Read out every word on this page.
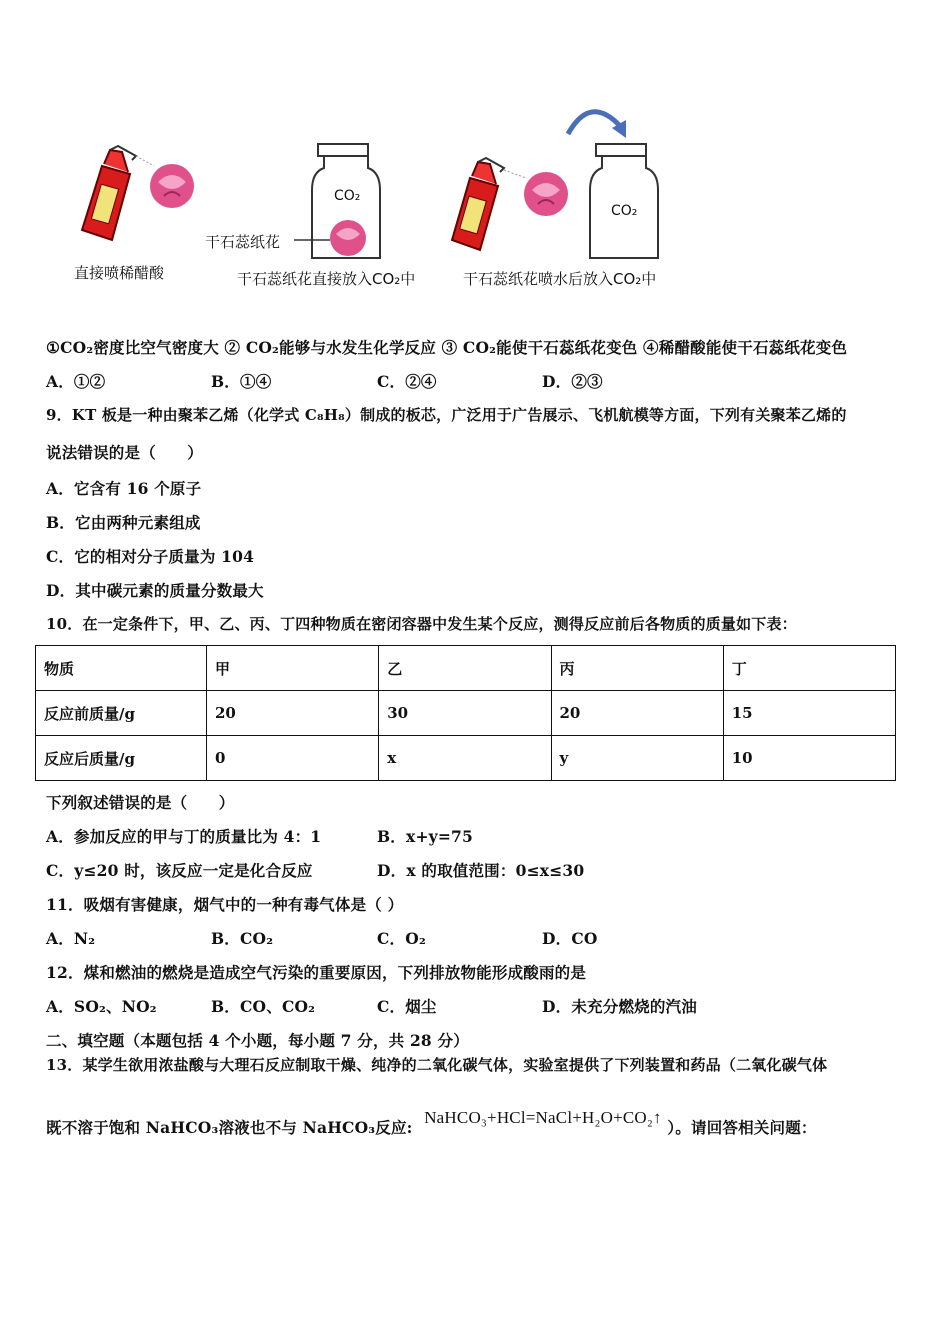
CO₂
CO₂
干石蕊纸花
直接喷稀醋酸	干石蕊纸花直接放入CO₂中	干石蕊纸花喷水后放入CO₂中
①CO₂密度比空气密度大 ② CO₂能够与水发生化学反应 ③ CO₂能使干石蕊纸花变色 ④稀醋酸能使干石蕊纸花变色
A．①②	B．①④	C．②④	D．②③
9．KT 板是一种由聚苯乙烯（化学式 C₈H₈）制成的板芯，广泛用于广告展示、飞机航模等方面，下列有关聚苯乙烯的
说法错误的是（　　）
A．它含有 16 个原子
B．它由两种元素组成
C．它的相对分子质量为 104
D．其中碳元素的质量分数最大
10．在一定条件下，甲、乙、丙、丁四种物质在密闭容器中发生某个反应，测得反应前后各物质的质量如下表：
物质	甲	乙	丙	丁
反应前质量/g	20	30	20	15
反应后质量/g	0	x	y	10
下列叙述错误的是（　　）
A．参加反应的甲与丁的质量比为 4：1	B．x+y=75
C．y≤20 时，该反应一定是化合反应	D．x 的取值范围：0≤x≤30
11．吸烟有害健康，烟气中的一种有毒气体是（ ）
A．N₂	B．CO₂	C．O₂	D．CO
12．煤和燃油的燃烧是造成空气污染的重要原因，下列排放物能形成酸雨的是
A．SO₂、NO₂	B．CO、CO₂	C．烟尘	D．未充分燃烧的汽油
二、填空题（本题包括 4 个小题，每小题 7 分，共 28 分）
13．某学生欲用浓盐酸与大理石反应制取干燥、纯净的二氧化碳气体，实验室提供了下列装置和药品（二氧化碳气体
既不溶于饱和 NaHCO₃溶液也不与 NaHCO₃反应: NaHCO₃+HCl=NaCl+H₂O+CO₂↑ ）。请回答相关问题：
